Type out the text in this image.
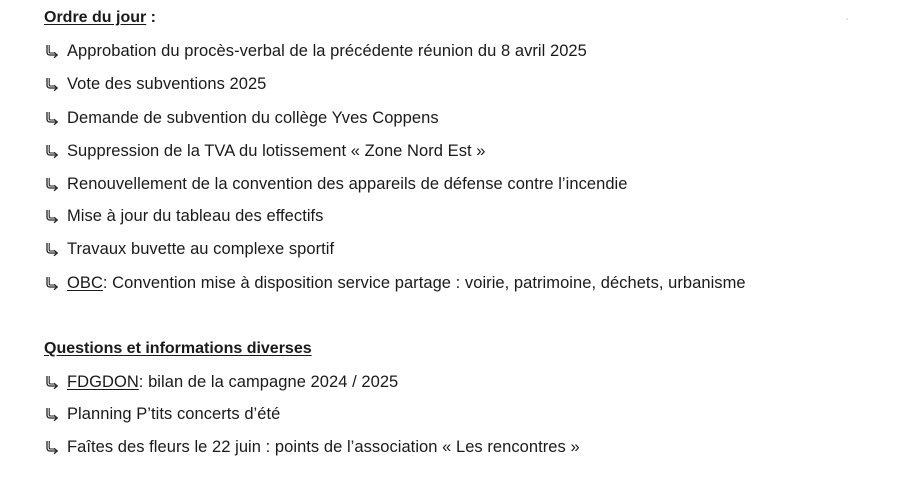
Ordre du jour :
Approbation du procès-verbal de la précédente réunion du 8 avril 2025
Vote des subventions 2025
Demande de subvention du collège Yves Coppens
Suppression de la TVA du lotissement « Zone Nord Est »
Renouvellement de la convention des appareils de défense contre l’incendie
Mise à jour du tableau des effectifs
Travaux buvette au complexe sportif
OBC : Convention mise à disposition service partage : voirie, patrimoine, déchets, urbanisme
Questions et informations diverses
FDGDON : bilan de la campagne 2024 / 2025
Planning P’tits concerts d’été
Faîtes des fleurs le 22 juin : points de l’association « Les rencontres »
